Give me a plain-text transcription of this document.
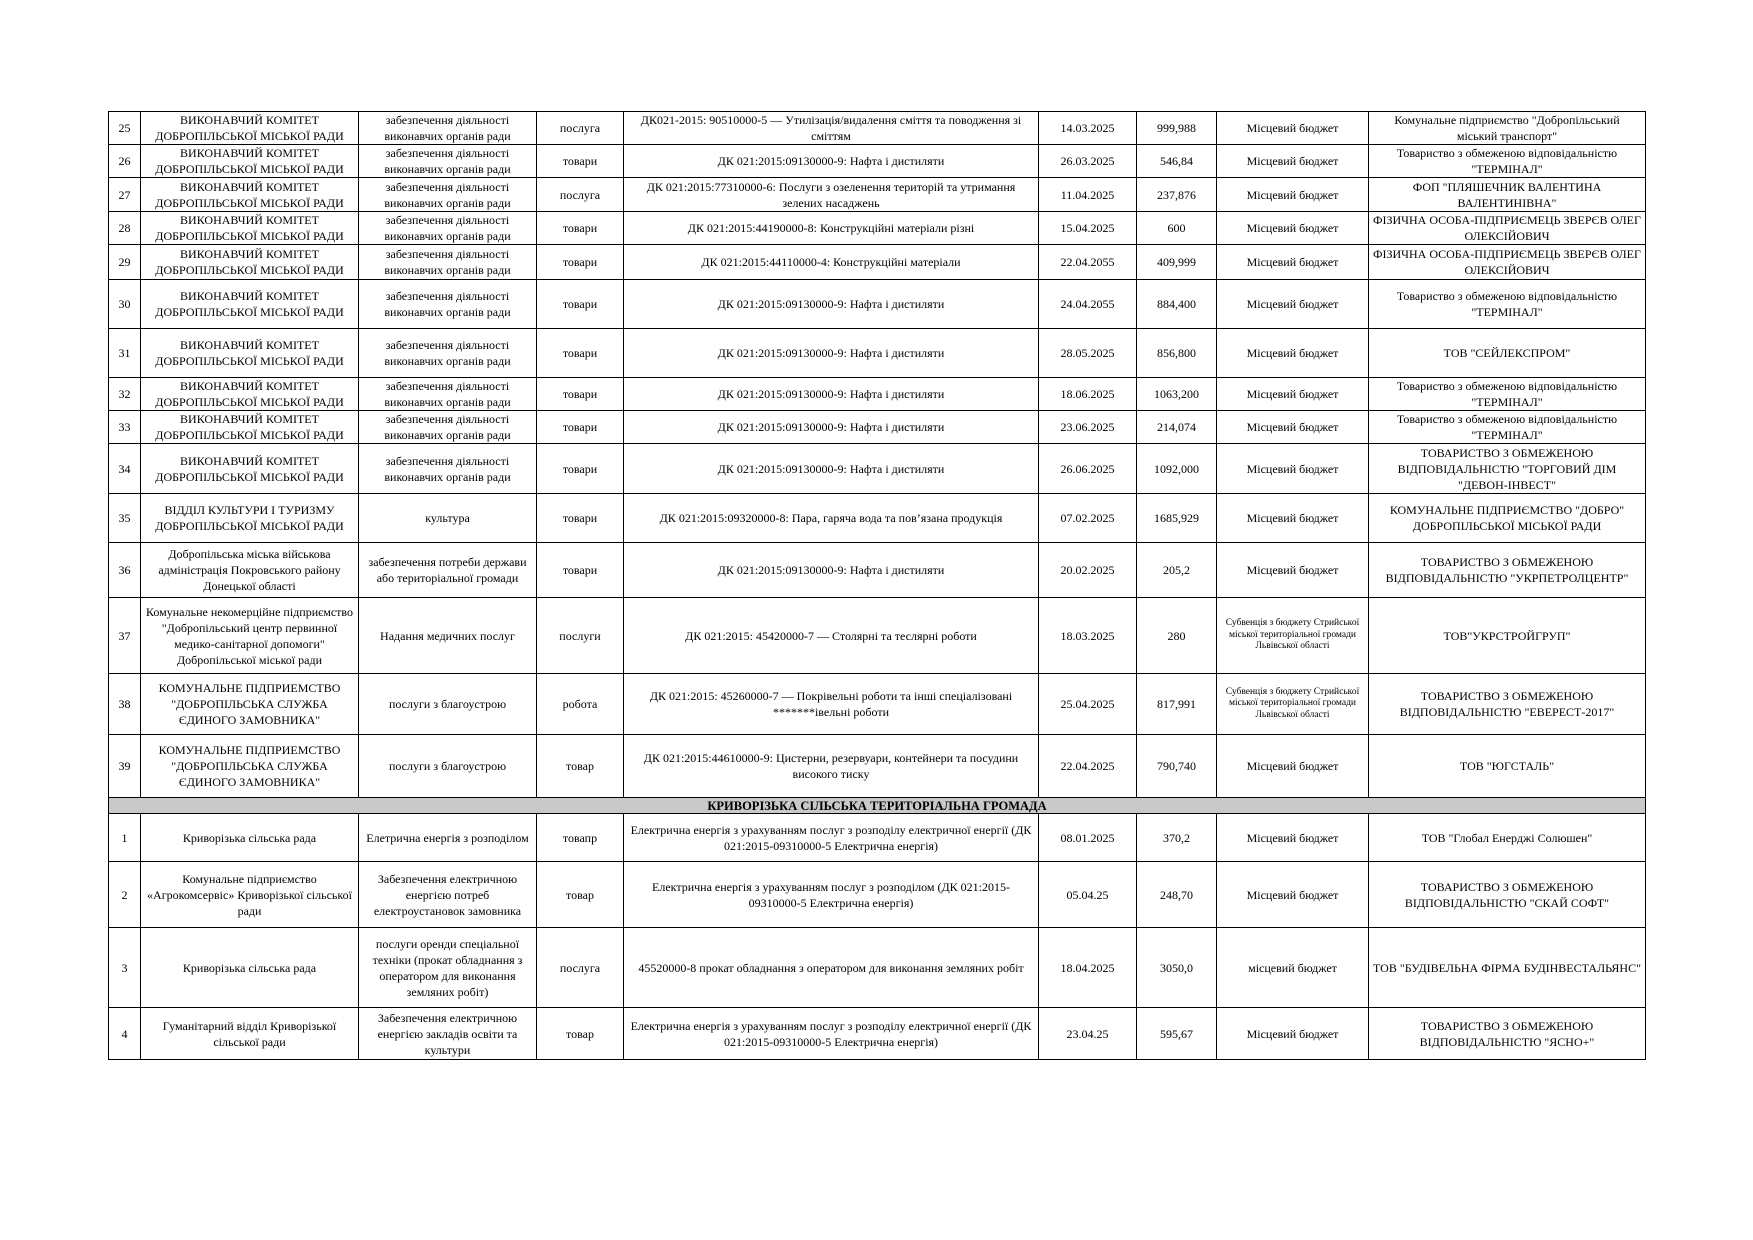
25	ВИКОНАВЧИЙ КОМІТЕТ ДОБРОПІЛЬСЬКОЇ МІСЬКОЇ РАДИ	забезпечення діяльності виконавчих органів ради	послуга	ДК021-2015: 90510000-5 — Утилізація/видалення сміття та поводження зі сміттям	14.03.2025	999,988	Місцевий бюджет	Комунальне підприємство "Добропільський міський транспорт"
26	ВИКОНАВЧИЙ КОМІТЕТ ДОБРОПІЛЬСЬКОЇ МІСЬКОЇ РАДИ	забезпечення діяльності виконавчих органів ради	товари	ДК 021:2015:09130000-9: Нафта і дистиляти	26.03.2025	546,84	Місцевий бюджет	Товариство з обмеженою відповідальністю "ТЕРМІНАЛ"
27	ВИКОНАВЧИЙ КОМІТЕТ ДОБРОПІЛЬСЬКОЇ МІСЬКОЇ РАДИ	забезпечення діяльності виконавчих органів ради	послуга	ДК 021:2015:77310000-6: Послуги з озеленення територій та утримання зелених насаджень	11.04.2025	237,876	Місцевий бюджет	ФОП "ПЛЯШЕЧНИК ВАЛЕНТИНА ВАЛЕНТИНІВНА"
28	ВИКОНАВЧИЙ КОМІТЕТ ДОБРОПІЛЬСЬКОЇ МІСЬКОЇ РАДИ	забезпечення діяльності виконавчих органів ради	товари	ДК 021:2015:44190000-8: Конструкційні матеріали різні	15.04.2025	600	Місцевий бюджет	ФІЗИЧНА ОСОБА-ПІДПРИЄМЕЦЬ ЗВЕРЄВ ОЛЕГ ОЛЕКСІЙОВИЧ
29	ВИКОНАВЧИЙ КОМІТЕТ ДОБРОПІЛЬСЬКОЇ МІСЬКОЇ РАДИ	забезпечення діяльності виконавчих органів ради	товари	ДК 021:2015:44110000-4: Конструкційні матеріали	22.04.2055	409,999	Місцевий бюджет	ФІЗИЧНА ОСОБА-ПІДПРИЄМЕЦЬ ЗВЕРЄВ ОЛЕГ ОЛЕКСІЙОВИЧ
30	ВИКОНАВЧИЙ КОМІТЕТ ДОБРОПІЛЬСЬКОЇ МІСЬКОЇ РАДИ	забезпечення діяльності виконавчих органів ради	товари	ДК 021:2015:09130000-9: Нафта і дистиляти	24.04.2055	884,400	Місцевий бюджет	Товариство з обмеженою відповідальністю "ТЕРМІНАЛ"
31	ВИКОНАВЧИЙ КОМІТЕТ ДОБРОПІЛЬСЬКОЇ МІСЬКОЇ РАДИ	забезпечення діяльності виконавчих органів ради	товари	ДК 021:2015:09130000-9: Нафта і дистиляти	28.05.2025	856,800	Місцевий бюджет	ТОВ "СЕЙЛЕКСПРОМ"
32	ВИКОНАВЧИЙ КОМІТЕТ ДОБРОПІЛЬСЬКОЇ МІСЬКОЇ РАДИ	забезпечення діяльності виконавчих органів ради	товари	ДК 021:2015:09130000-9: Нафта і дистиляти	18.06.2025	1063,200	Місцевий бюджет	Товариство з обмеженою відповідальністю "ТЕРМІНАЛ"
33	ВИКОНАВЧИЙ КОМІТЕТ ДОБРОПІЛЬСЬКОЇ МІСЬКОЇ РАДИ	забезпечення діяльності виконавчих органів ради	товари	ДК 021:2015:09130000-9: Нафта і дистиляти	23.06.2025	214,074	Місцевий бюджет	Товариство з обмеженою відповідальністю "ТЕРМІНАЛ"
34	ВИКОНАВЧИЙ КОМІТЕТ ДОБРОПІЛЬСЬКОЇ МІСЬКОЇ РАДИ	забезпечення діяльності виконавчих органів ради	товари	ДК 021:2015:09130000-9: Нафта і дистиляти	26.06.2025	1092,000	Місцевий бюджет	ТОВАРИСТВО З ОБМЕЖЕНОЮ ВІДПОВІДАЛЬНІСТЮ "ТОРГОВИЙ ДІМ "ДЕВОН-ІНВЕСТ"
35	ВІДДІЛ КУЛЬТУРИ І ТУРИЗМУ ДОБРОПІЛЬСЬКОЇ МІСЬКОЇ РАДИ	культура	товари	ДК 021:2015:09320000-8: Пара, гаряча вода та пов’язана продукція	07.02.2025	1685,929	Місцевий бюджет	КОМУНАЛЬНЕ ПІДПРИЄМСТВО "ДОБРО" ДОБРОПІЛЬСЬКОЇ МІСЬКОЇ РАДИ
36	Добропільська міська військова адміністрація Покровського району Донецької області	забезпечення потреби держави або територіальної громади	товари	ДК 021:2015:09130000-9: Нафта і дистиляти	20.02.2025	205,2	Місцевий бюджет	ТОВАРИСТВО З ОБМЕЖЕНОЮ ВІДПОВІДАЛЬНІСТЮ "УКРПЕТРОЛЦЕНТР"
37	Комунальне некомерційне підприємство "Добропільський центр первинної медико-санітарної допомоги" Добропільської міської ради	Надання медичних послуг	послуги	ДК 021:2015: 45420000-7 — Столярні та теслярні роботи	18.03.2025	280	Субвенція з бюджету Стрийської міської територіальної громади Львівської області	ТОВ"УКРСТРОЙГРУП"
38	КОМУНАЛЬНЕ ПІДПРИЕМСТВО "ДОБРОПІЛЬСЬКА СЛУЖБА ЄДИНОГО ЗАМОВНИКА"	послуги з благоустрою	робота	ДК 021:2015: 45260000-7 — Покрівельні роботи та інші спеціалізовані *******івельні роботи	25.04.2025	817,991	Субвенція з бюджету Стрийської міської територіальної громади Львівської області	ТОВАРИСТВО З ОБМЕЖЕНОЮ ВІДПОВІДАЛЬНІСТЮ "ЕВЕРЕСТ-2017"
39	КОМУНАЛЬНЕ ПІДПРИЕМСТВО "ДОБРОПІЛЬСЬКА СЛУЖБА ЄДИНОГО ЗАМОВНИКА"	послуги з благоустрою	товар	ДК 021:2015:44610000-9: Цистерни, резервуари, контейнери та посудини високого тиску	22.04.2025	790,740	Місцевий бюджет	ТОВ "ЮГСТАЛЬ"
КРИВОРІЗЬКА СІЛЬСЬКА ТЕРИТОРІАЛЬНА ГРОМАДА								
1	Криворізька сільська рада	Елетрична енергія з розподілом	товапр	Електрична енергія з урахуванням послуг з розподілу електричної енергії (ДК 021:2015-09310000-5 Електрична енергія)	08.01.2025	370,2	Місцевий бюджет	ТОВ "Глобал Енерджі Солюшен"
2	Комунальне підприємство «Агрокомсервіс» Криворізької сільської ради	Забезпечення електричною енергією потреб електроустановок замовника	товар	Електрична енергія з урахуванням послуг з розподілом (ДК 021:2015-09310000-5 Електрична енергія)	05.04.25	248,70	Місцевий бюджет	ТОВАРИСТВО З ОБМЕЖЕНОЮ ВІДПОВІДАЛЬНІСТЮ "СКАЙ СОФТ"
3	Криворізька сільська рада	послуги оренди спеціальної техніки (прокат обладнання з оператором для виконання земляних робіт)	послуга	45520000-8 прокат обладнання з оператором для виконання земляних робіт	18.04.2025	3050,0	місцевий бюджет	ТОВ "БУДІВЕЛЬНА ФІРМА БУДІНВЕСТАЛЬЯНС"
4	Гуманітарний відділ Криворізької сільської ради	Забезпечення електричною енергією закладів освіти та культури	товар	Електрична енергія з урахуванням послуг з розподілу електричної енергії (ДК 021:2015-09310000-5 Електрична енергія)	23.04.25	595,67	Місцевий бюджет	ТОВАРИСТВО З ОБМЕЖЕНОЮ ВІДПОВІДАЛЬНІСТЮ "ЯСНО+"
